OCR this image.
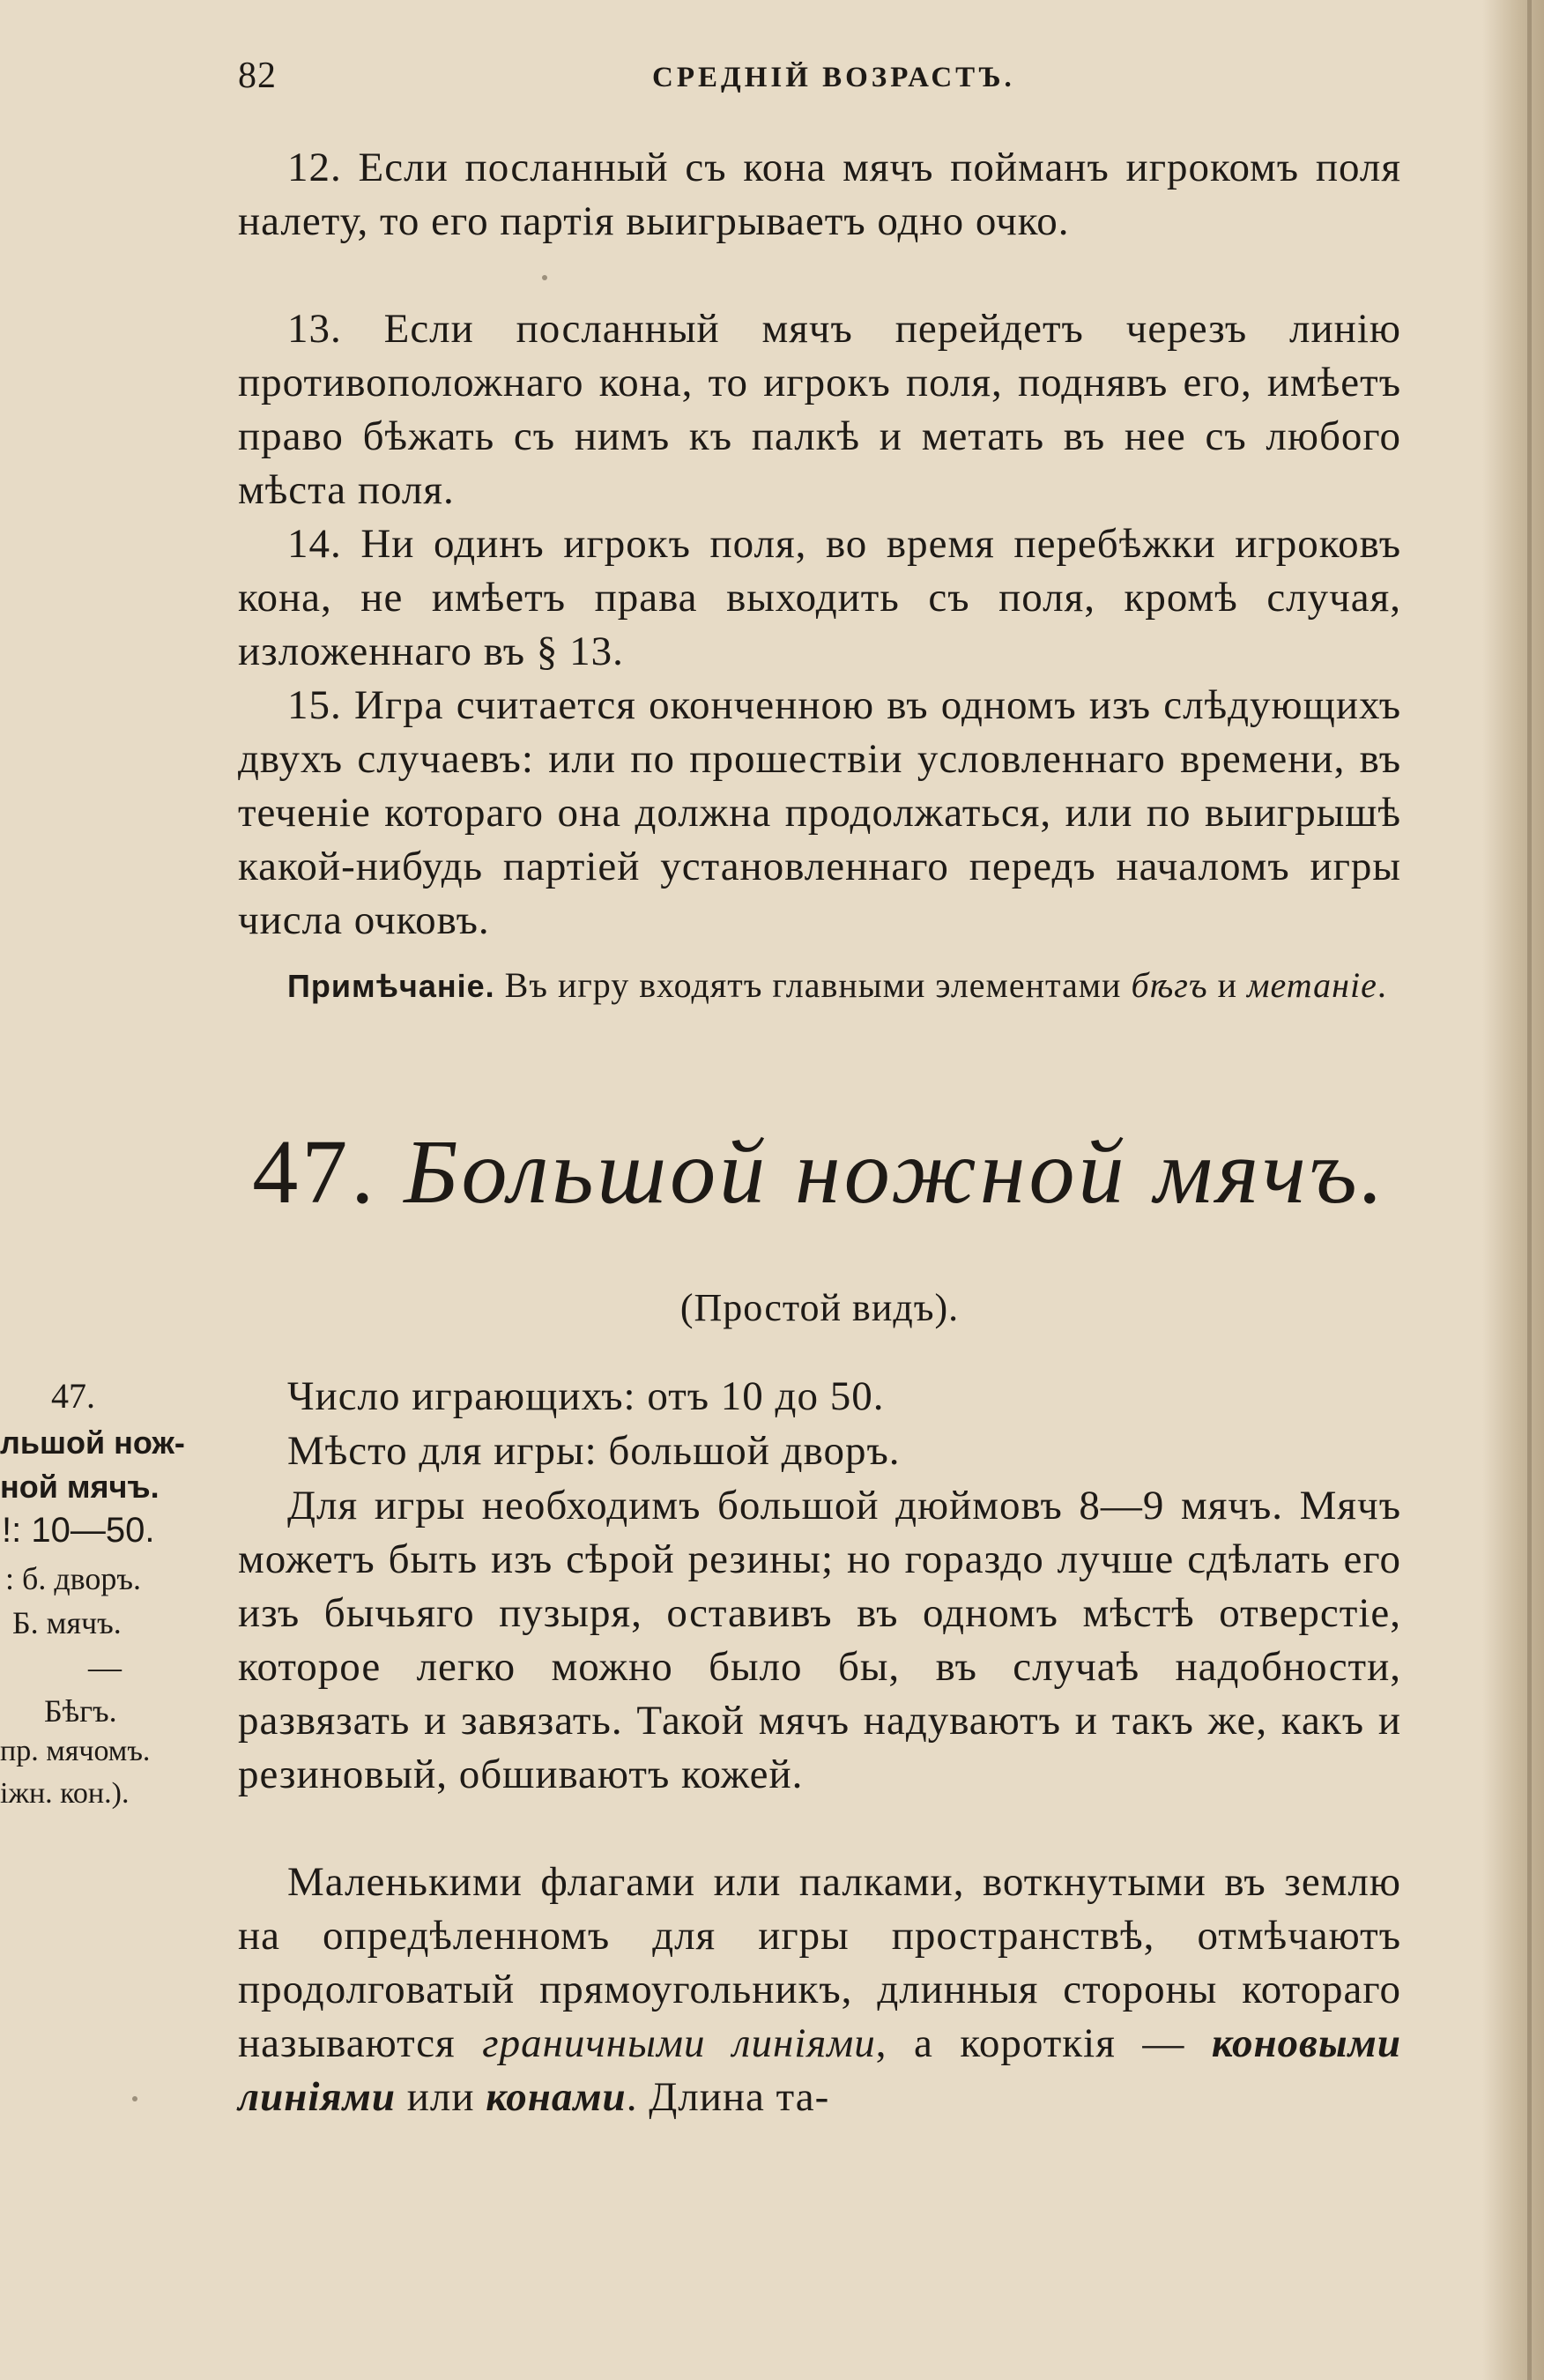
82	СРЕДНІЙ ВОЗРАСТЪ.

12. Если посланный съ кона мячъ пойманъ игрокомъ поля налету, то его партія выигрываетъ одно очко.

13. Если посланный мячъ перейдетъ черезъ линію противоположнаго кона, то игрокъ поля, поднявъ его, имѣетъ право бѣжать съ нимъ къ палкѣ и метать въ нее съ любого мѣста поля.

14. Ни одинъ игрокъ поля, во время перебѣжки игроковъ кона, не имѣетъ права выходить съ поля, кромѣ случая, изложеннаго въ § 13.

15. Игра считается оконченною въ одномъ изъ слѣдующихъ двухъ случаевъ: или по прошествіи условленнаго времени, въ теченіе котораго она должна продолжаться, или по выигрышѣ какой-нибудь партіей установленнаго передъ началомъ игры числа очковъ.

Примѣчаніе. Въ игру входятъ главными элементами бѣгъ и метаніе.

47. Большой ножной мячъ.
(Простой видъ).
47.
льшой нож-
ной мячъ.
!: 10—50.
: б. дворъ.
Б. мячъ.
—
Бѣгъ.
пр. мячомъ.
іжн. кон.).

Число играющихъ: отъ 10 до 50.

Мѣсто для игры: большой дворъ.

Для игры необходимъ большой дюймовъ 8—9 мячъ. Мячъ можетъ быть изъ сѣрой резины; но гораздо лучше сдѣлать его изъ бычьяго пузыря, оставивъ въ одномъ мѣстѣ отверстіе, которое легко можно было бы, въ случаѣ надобности, развязать и завязать. Такой мячъ надуваютъ и такъ же, какъ и резиновый, обшиваютъ кожей.

Маленькими флагами или палками, воткнутыми въ землю на опредѣленномъ для игры пространствѣ, отмѣчаютъ продолговатый прямоугольникъ, длинныя стороны котораго называются граничными линіями, а короткія — коновыми линіями или конами. Длина та-
